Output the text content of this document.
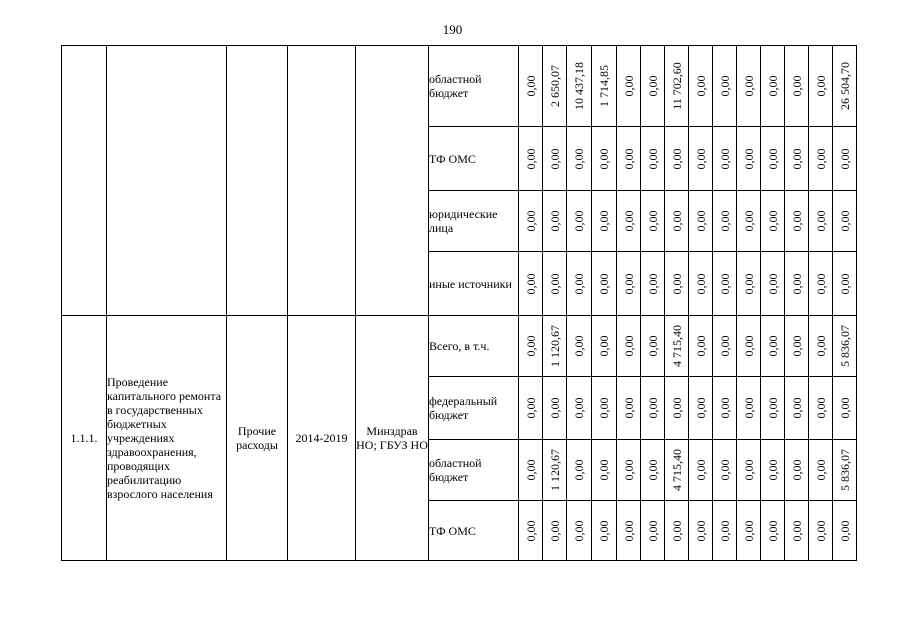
190
					областной бюджет	0,00	2 650,07	10 437,18	1 714,85	0,00	0,00	11 702,60	0,00	0,00	0,00	0,00	0,00	0,00	26 504,70

					ТФ ОМС	0,00	0,00	0,00	0,00	0,00	0,00	0,00	0,00	0,00	0,00	0,00	0,00	0,00	0,00

					юридические лица	0,00	0,00	0,00	0,00	0,00	0,00	0,00	0,00	0,00	0,00	0,00	0,00	0,00	0,00

					иные источники	0,00	0,00	0,00	0,00	0,00	0,00	0,00	0,00	0,00	0,00	0,00	0,00	0,00	0,00

1.1.1.	Проведение капитального ремонта в государственных бюджетных учреждениях здравоохранения, проводящих реабилитацию взрослого населения	Прочие расходы	2014-2019	Минздрав НО; ГБУЗ НО	Всего, в т.ч.	0,00	1 120,67	0,00	0,00	0,00	0,00	4 715,40	0,00	0,00	0,00	0,00	0,00	0,00	5 836,07

					федеральный бюджет	0,00	0,00	0,00	0,00	0,00	0,00	0,00	0,00	0,00	0,00	0,00	0,00	0,00	0,00

					областной бюджет	0,00	1 120,67	0,00	0,00	0,00	0,00	4 715,40	0,00	0,00	0,00	0,00	0,00	0,00	5 836,07

					ТФ ОМС	0,00	0,00	0,00	0,00	0,00	0,00	0,00	0,00	0,00	0,00	0,00	0,00	0,00	0,00
